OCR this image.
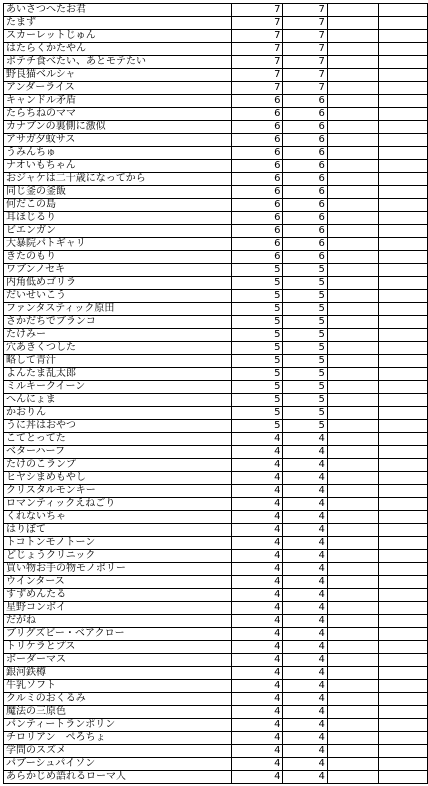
あいさつへたお君	7	7		
たまず	7	7		
スカーレットじゅん	7	7		
はたらくかたやん	7	7		
ポテチ食べたい、あとモテたい	7	7		
野良猫ベルシャ	7	7		
アンダーライス	7	7		
キャンドル矛盾	6	6		
たらちねのママ	6	6		
カナブンの裏側に激似	6	6		
アサガ夕蚊サス	6	6		
うみんちゅ	6	6		
ナオいもちゃん	6	6		
おジャケは二十歳になってから	6	6		
同じ釜の釜飯	6	6		
何だこの島	6	6		
耳ほじるり	6	6		
ビエンガン	6	6		
大暴院パトギャリ	6	6		
きたのもり	6	6		
ワブンノセキ	5	5		
内角低めゴリラ	5	5		
だいせいこう	5	5		
ファンタスティック原田	5	5		
さかだちでブランコ	5	5		
たけみー	5	5		
穴あきくつした	5	5		
略して青汁	5	5		
よんたま乱太郎	5	5		
ミルキークイーン	5	5		
へんにょま	5	5		
かおりん	5	5		
うに丼はおやつ	5	5		
こてとってた	4	4		
ベターハーフ	4	4		
たけのこランプ	4	4		
ヒヤシまめもやし	4	4		
クリスタルモンキー	4	4		
ロマンティックえねごり	4	4		
くれないちゃ	4	4		
はりぼて	4	4		
トコトンモノトーン	4	4		
どじょうクリニック	4	4		
買い物お手の物モノポリー	4	4		
ウインタース	4	4		
すずめんたる	4	4		
星野コンボイ	4	4		
だがね	4	4		
ブリグズビー・ベアクロー	4	4		
トリケラとプス	4	4		
ボーダーマス	4	4		
銀河鉄樽	4	4		
牛乳ソフト	4	4		
クルミのおくるみ	4	4		
魔法の三原色	4	4		
パンティートランポリン	4	4		
チロリアン　ぺろちょ	4	4		
学問のスズメ	4	4		
パブーシュパイソン	4	4		
あらかじめ語れるローマ人	4	4		
